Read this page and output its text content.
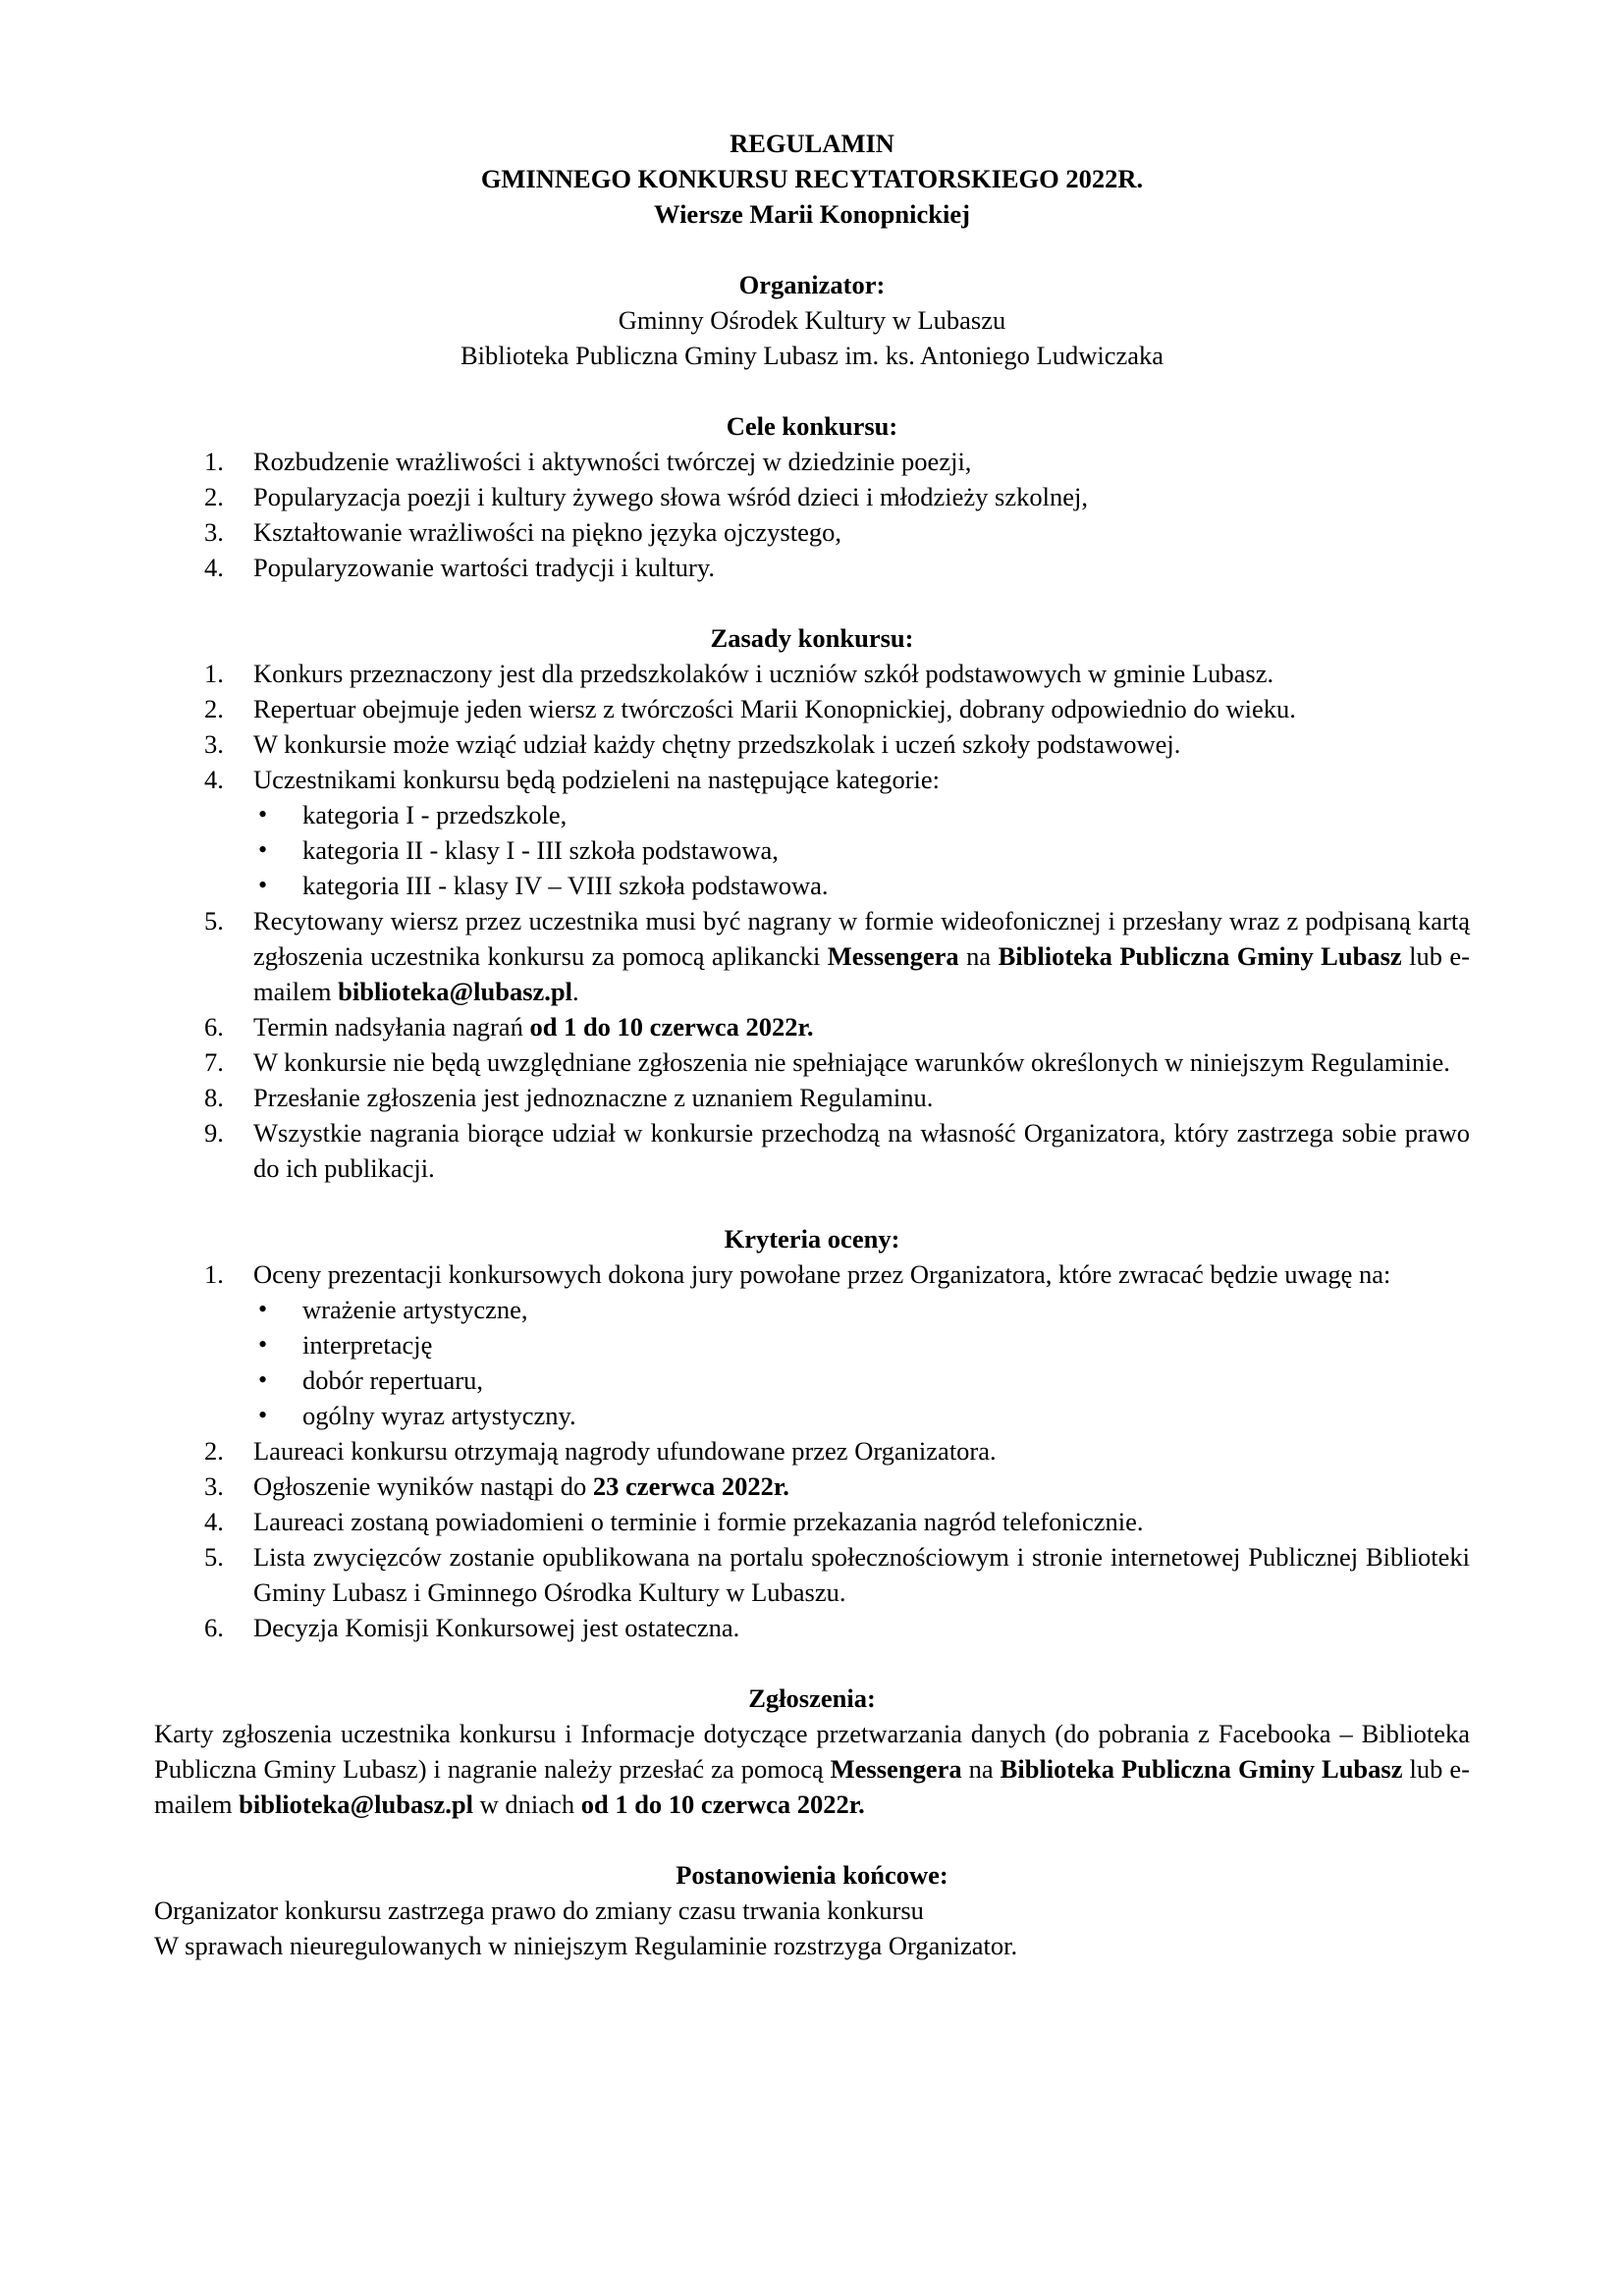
REGULAMIN
GMINNEGO KONKURSU RECYTATORSKIEGO 2022R.
Wiersze Marii Konopnickiej
Organizator:
Gminny Ośrodek Kultury w Lubaszu
Biblioteka Publiczna Gminy Lubasz im. ks. Antoniego Ludwiczaka
Cele konkursu:
1. Rozbudzenie wrażliwości i aktywności twórczej w dziedzinie poezji,
2. Popularyzacja poezji i kultury żywego słowa wśród dzieci i młodzieży szkolnej,
3. Kształtowanie wrażliwości na piękno języka ojczystego,
4. Popularyzowanie wartości tradycji i kultury.
Zasady konkursu:
1. Konkurs przeznaczony jest dla przedszkolaków i uczniów szkół podstawowych w gminie Lubasz.
2. Repertuar obejmuje jeden wiersz z twórczości Marii Konopnickiej, dobrany odpowiednio do wieku.
3. W konkursie może wziąć udział każdy chętny przedszkolak i uczeń szkoły podstawowej.
4. Uczestnikami konkursu będą podzieleni na następujące kategorie:
• kategoria I - przedszkole,
• kategoria II - klasy I - III szkoła podstawowa,
• kategoria III - klasy IV – VIII szkoła podstawowa.
5. Recytowany wiersz przez uczestnika musi być nagrany w formie wideofonicznej i przesłany wraz z podpisaną kartą zgłoszenia uczestnika konkursu za pomocą aplikancki Messengera na Biblioteka Publiczna Gminy Lubasz lub e-mailem biblioteka@lubasz.pl.
6. Termin nadsyłania nagrań od 1 do 10 czerwca 2022r.
7. W konkursie nie będą uwzględniane zgłoszenia nie spełniające warunków określonych w niniejszym Regulaminie.
8. Przesłanie zgłoszenia jest jednoznaczne z uznaniem Regulaminu.
9. Wszystkie nagrania biorące udział w konkursie przechodzą na własność Organizatora, który zastrzega sobie prawo do ich publikacji.
Kryteria oceny:
1. Oceny prezentacji konkursowych dokona jury powołane przez Organizatora, które zwracać będzie uwagę na:
• wrażenie artystyczne,
• interpretację
• dobór repertuaru,
• ogólny wyraz artystyczny.
2. Laureaci konkursu otrzymają nagrody ufundowane przez Organizatora.
3. Ogłoszenie wyników nastąpi do 23 czerwca 2022r.
4. Laureaci zostaną powiadomieni o terminie i formie przekazania nagród telefonicznie.
5. Lista zwycięzców zostanie opublikowana na portalu społecznościowym i stronie internetowej Publicznej Biblioteki Gminy Lubasz i Gminnego Ośrodka Kultury w Lubaszu.
6. Decyzja Komisji Konkursowej jest ostateczna.
Zgłoszenia:
Karty zgłoszenia uczestnika konkursu i Informacje dotyczące przetwarzania danych (do pobrania z Facebooka – Biblioteka Publiczna Gminy Lubasz) i nagranie należy przesłać za pomocą Messengera na Biblioteka Publiczna Gminy Lubasz lub e-mailem biblioteka@lubasz.pl w dniach od 1 do 10 czerwca 2022r.
Postanowienia końcowe:
Organizator konkursu zastrzega prawo do zmiany czasu trwania konkursu
W sprawach nieuregulowanych w niniejszym Regulaminie rozstrzyga Organizator.
